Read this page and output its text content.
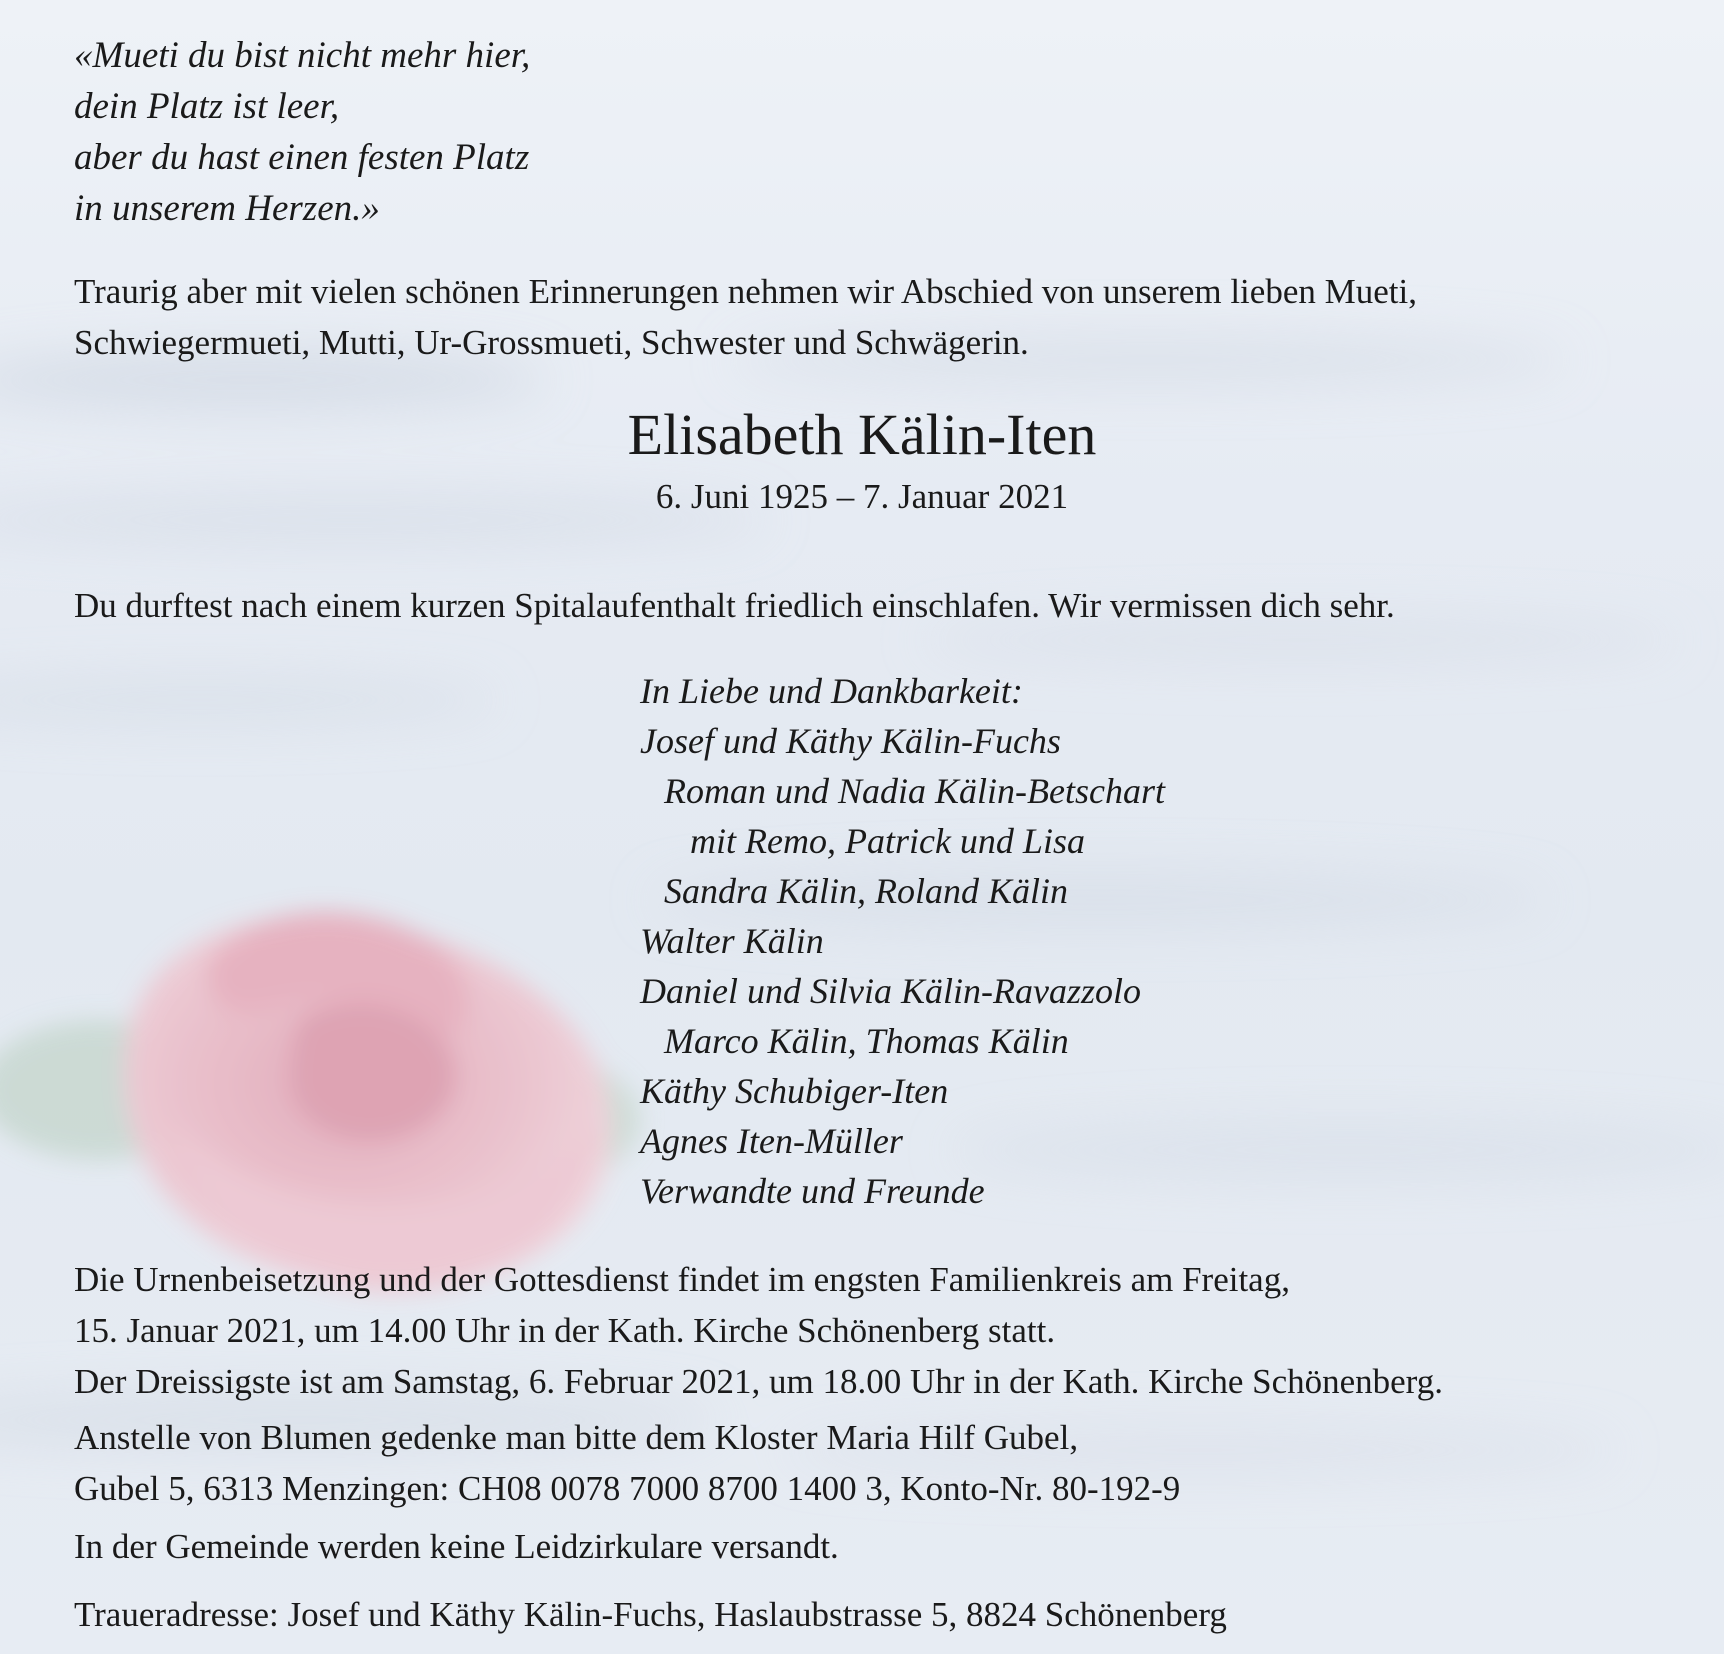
«Mueti du bist nicht mehr hier,
dein Platz ist leer,
aber du hast einen festen Platz
in unserem Herzen.»
Traurig aber mit vielen schönen Erinnerungen nehmen wir Abschied von unserem lieben Mueti,
Schwiegermueti, Mutti, Ur-Grossmueti, Schwester und Schwägerin.
Elisabeth Kälin-Iten

6. Juni 1925 – 7. Januar 2021

Du durftest nach einem kurzen Spitalaufenthalt friedlich einschlafen. Wir vermissen dich sehr.

In Liebe und Dankbarkeit:
Josef und Käthy Kälin-Fuchs
Roman und Nadia Kälin-Betschart
mit Remo, Patrick und Lisa
Sandra Kälin, Roland Kälin
Walter Kälin
Daniel und Silvia Kälin-Ravazzolo
Marco Kälin, Thomas Kälin
Käthy Schubiger-Iten
Agnes Iten-Müller
Verwandte und Freunde
Die Urnenbeisetzung und der Gottesdienst findet im engsten Familienkreis am Freitag,
15. Januar 2021, um 14.00 Uhr in der Kath. Kirche Schönenberg statt.
Der Dreissigste ist am Samstag, 6. Februar 2021, um 18.00 Uhr in der Kath. Kirche Schönenberg.
Anstelle von Blumen gedenke man bitte dem Kloster Maria Hilf Gubel,
Gubel 5, 6313 Menzingen: CH08 0078 7000 8700 1400 3, Konto-Nr. 80-192-9

In der Gemeinde werden keine Leidzirkulare versandt.

Traueradresse: Josef und Käthy Kälin-Fuchs, Haslaubstrasse 5, 8824 Schönenberg
